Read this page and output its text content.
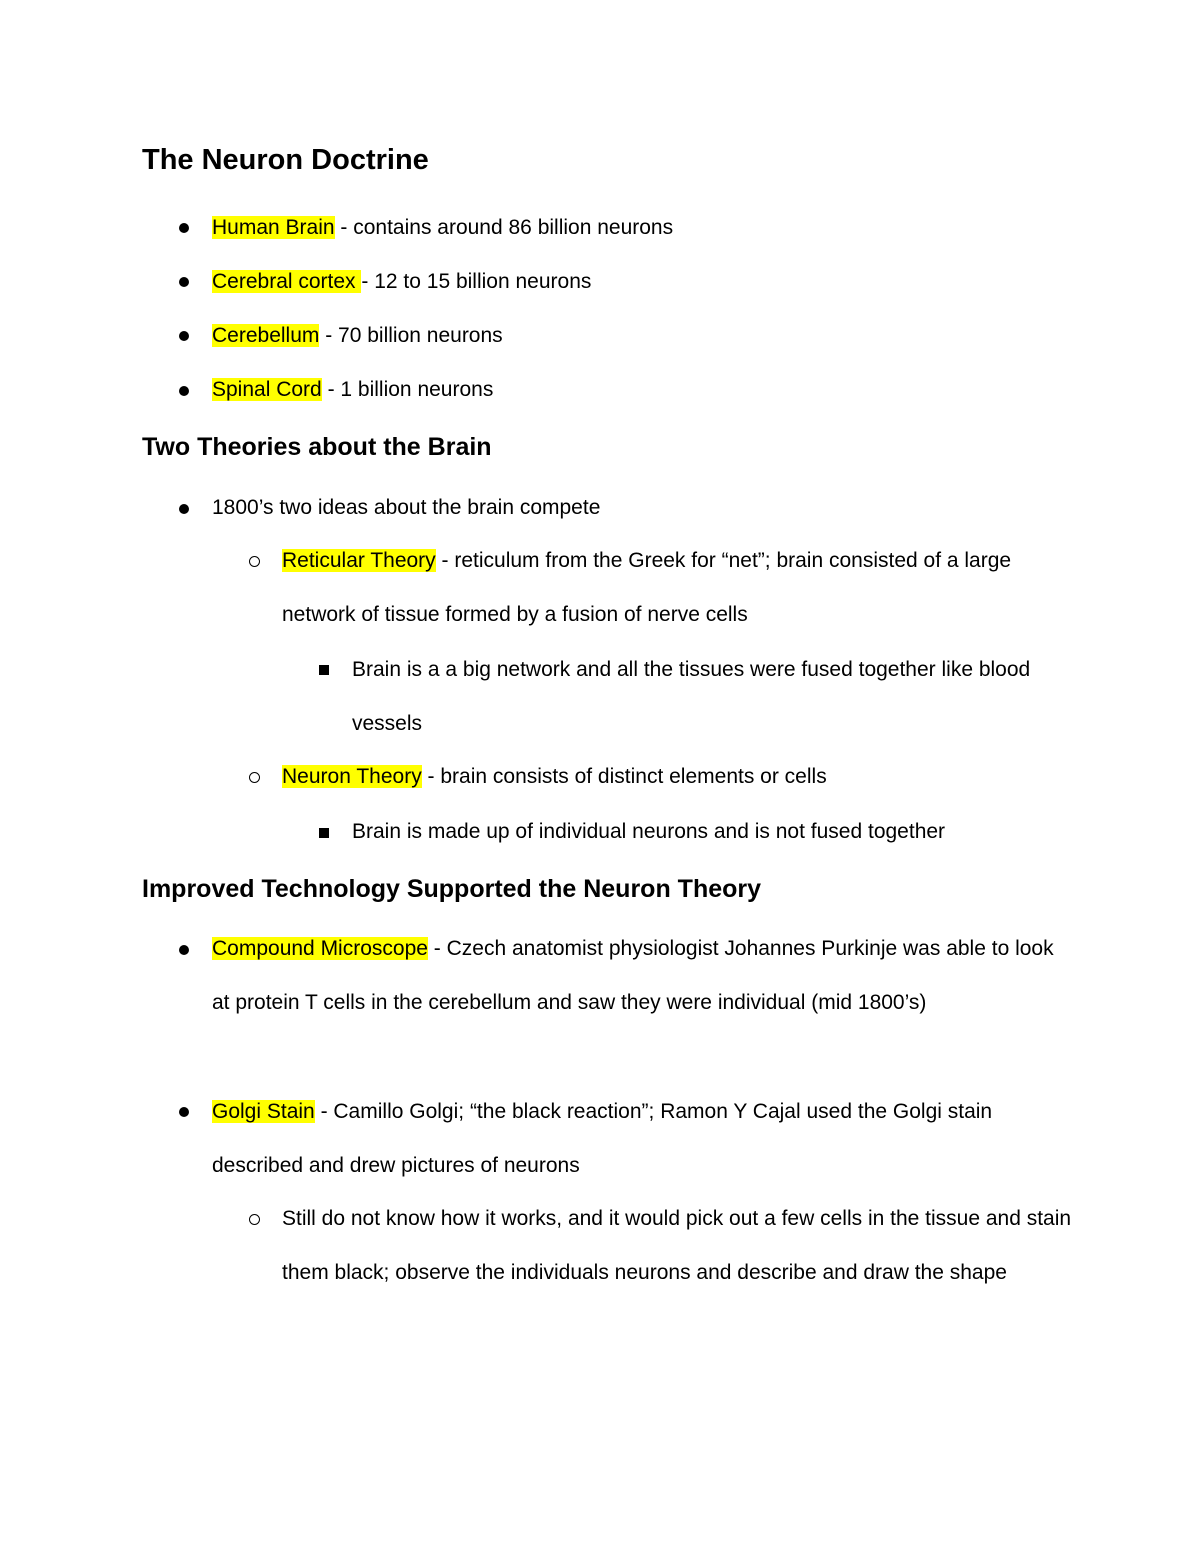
The Neuron Doctrine
Human Brain - contains around 86 billion neurons
Cerebral cortex - 12 to 15 billion neurons
Cerebellum - 70 billion neurons
Spinal Cord - 1 billion neurons
Two Theories about the Brain
1800’s two ideas about the brain compete
Reticular Theory - reticulum from the Greek for “net”; brain consisted of a large network of tissue formed by a fusion of nerve cells
Brain is a a big network and all the tissues were fused together like blood vessels
Neuron Theory - brain consists of distinct elements or cells
Brain is made up of individual neurons and is not fused together
Improved Technology Supported the Neuron Theory
Compound Microscope - Czech anatomist physiologist Johannes Purkinje was able to look at protein T cells in the cerebellum and saw they were individual (mid 1800’s)
Golgi Stain - Camillo Golgi; “the black reaction”; Ramon Y Cajal used the Golgi stain described and drew pictures of neurons
Still do not know how it works, and it would pick out a few cells in the tissue and stain them black; observe the individuals neurons and describe and draw the shape
